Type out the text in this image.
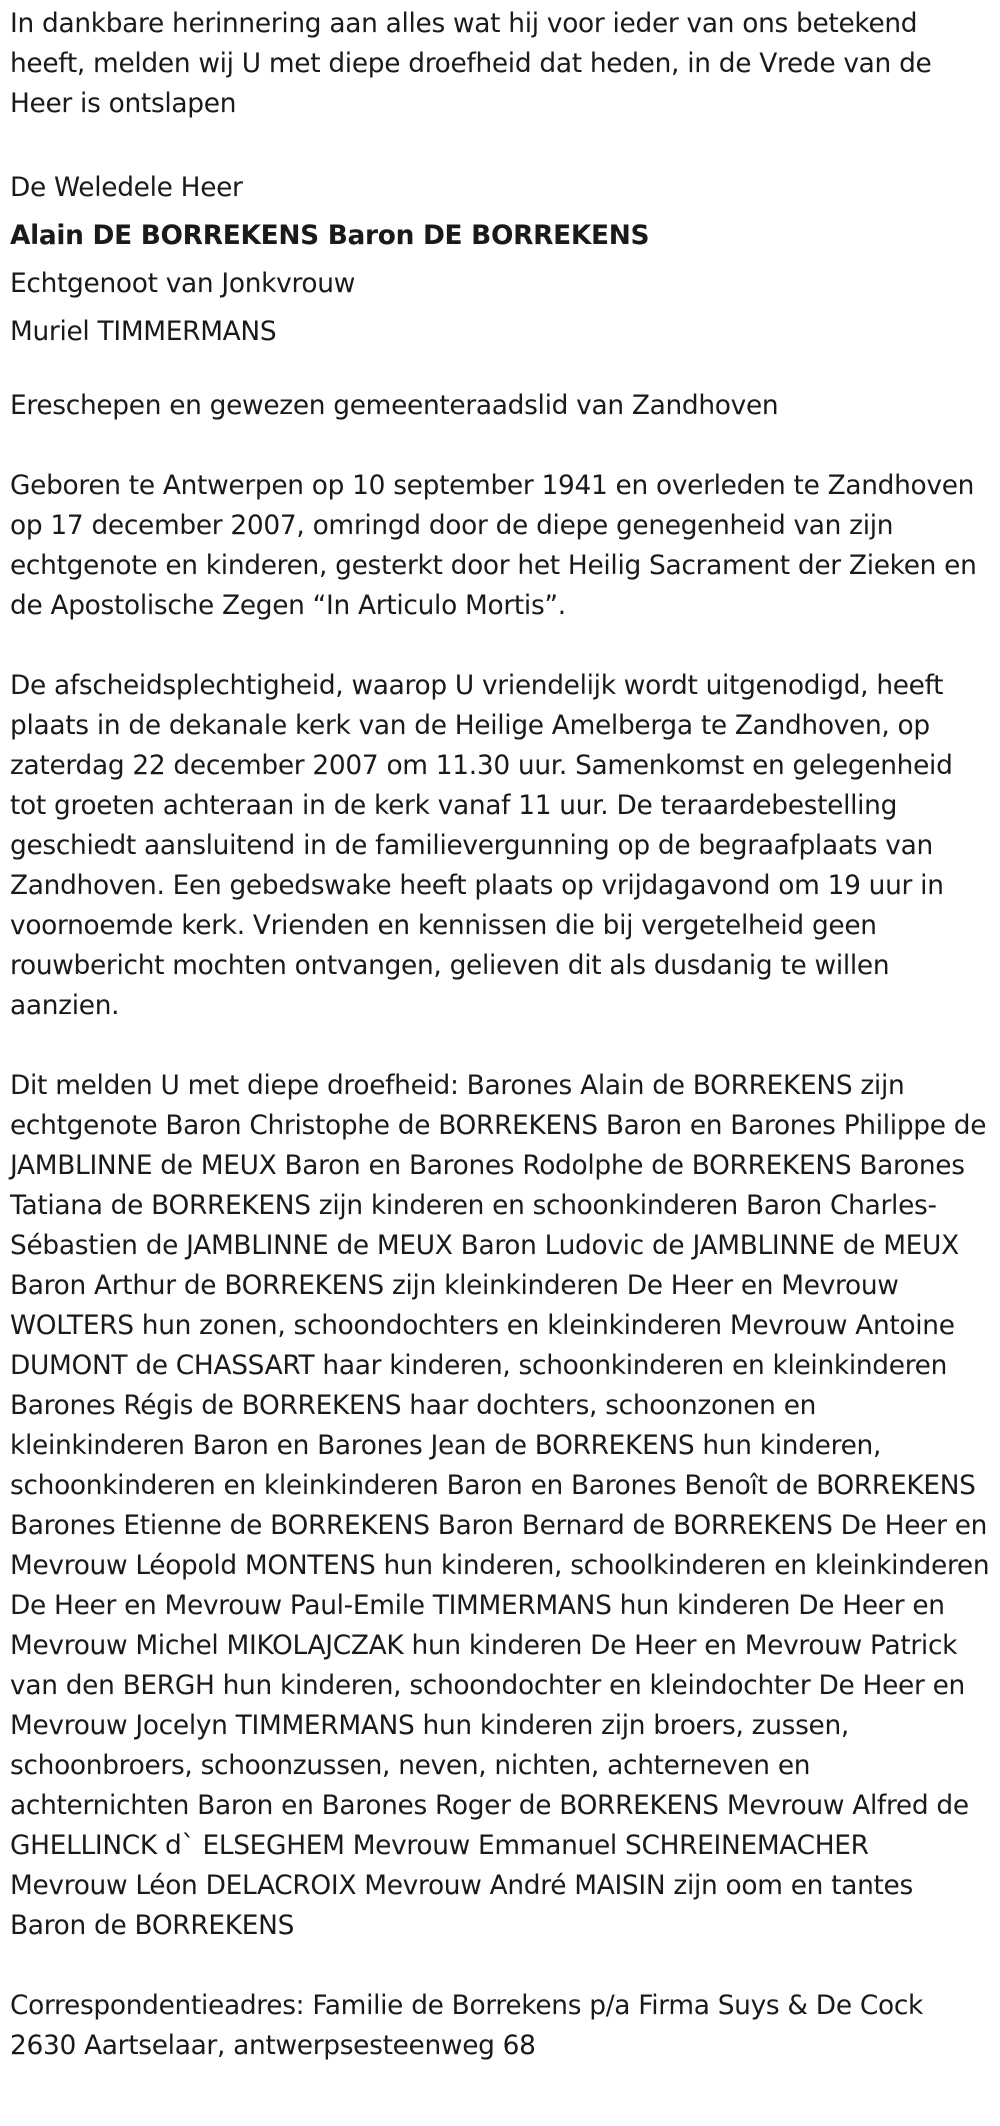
In dankbare herinnering aan alles wat hij voor ieder van ons betekend heeft, melden wij U met diepe droefheid dat heden, in de Vrede van de Heer is ontslapen

De Weledele Heer
Alain DE BORREKENS Baron DE BORREKENS
Echtgenoot van Jonkvrouw
Muriel TIMMERMANS

Ereschepen en gewezen gemeenteraadslid van Zandhoven

Geboren te Antwerpen op 10 september 1941 en overleden te Zandhoven op 17 december 2007, omringd door de diepe genegenheid van zijn echtgenote en kinderen, gesterkt door het Heilig Sacrament der Zieken en de Apostolische Zegen “In Articulo Mortis”.

De afscheidsplechtigheid, waarop U vriendelijk wordt uitgenodigd, heeft plaats in de dekanale kerk van de Heilige Amelberga te Zandhoven, op zaterdag 22 december 2007 om 11.30 uur. Samenkomst en gelegenheid tot groeten achteraan in de kerk vanaf 11 uur. De teraardebestelling geschiedt aansluitend in de familievergunning op de begraafplaats van Zandhoven. Een gebedswake heeft plaats op vrijdagavond om 19 uur in voornoemde kerk. Vrienden en kennissen die bij vergetelheid geen rouwbericht mochten ontvangen, gelieven dit als dusdanig te willen aanzien.

Dit melden U met diepe droefheid: Barones Alain de BORREKENS zijn echtgenote Baron Christophe de BORREKENS Baron en Barones Philippe de JAMBLINNE de MEUX Baron en Barones Rodolphe de BORREKENS Barones Tatiana de BORREKENS zijn kinderen en schoonkinderen Baron Charles-Sébastien de JAMBLINNE de MEUX Baron Ludovic de JAMBLINNE de MEUX Baron Arthur de BORREKENS zijn kleinkinderen De Heer en Mevrouw WOLTERS hun zonen, schoondochters en kleinkinderen Mevrouw Antoine DUMONT de CHASSART haar kinderen, schoonkinderen en kleinkinderen Barones Régis de BORREKENS haar dochters, schoonzonen en kleinkinderen Baron en Barones Jean de BORREKENS hun kinderen, schoonkinderen en kleinkinderen Baron en Barones Benoît de BORREKENS Barones Etienne de BORREKENS Baron Bernard de BORREKENS De Heer en Mevrouw Léopold MONTENS hun kinderen, schoolkinderen en kleinkinderen De Heer en Mevrouw Paul-Emile TIMMERMANS hun kinderen De Heer en Mevrouw Michel MIKOLAJCZAK hun kinderen De Heer en Mevrouw Patrick van den BERGH hun kinderen, schoondochter en kleindochter De Heer en Mevrouw Jocelyn TIMMERMANS hun kinderen zijn broers, zussen, schoonbroers, schoonzussen, neven, nichten, achterneven en achternichten Baron en Barones Roger de BORREKENS Mevrouw Alfred de GHELLINCK d` ELSEGHEM Mevrouw Emmanuel SCHREINEMACHER Mevrouw Léon DELACROIX Mevrouw André MAISIN zijn oom en tantes Baron de BORREKENS

Correspondentieadres: Familie de Borrekens p/a Firma Suys & De Cock 2630 Aartselaar, antwerpsesteenweg 68
